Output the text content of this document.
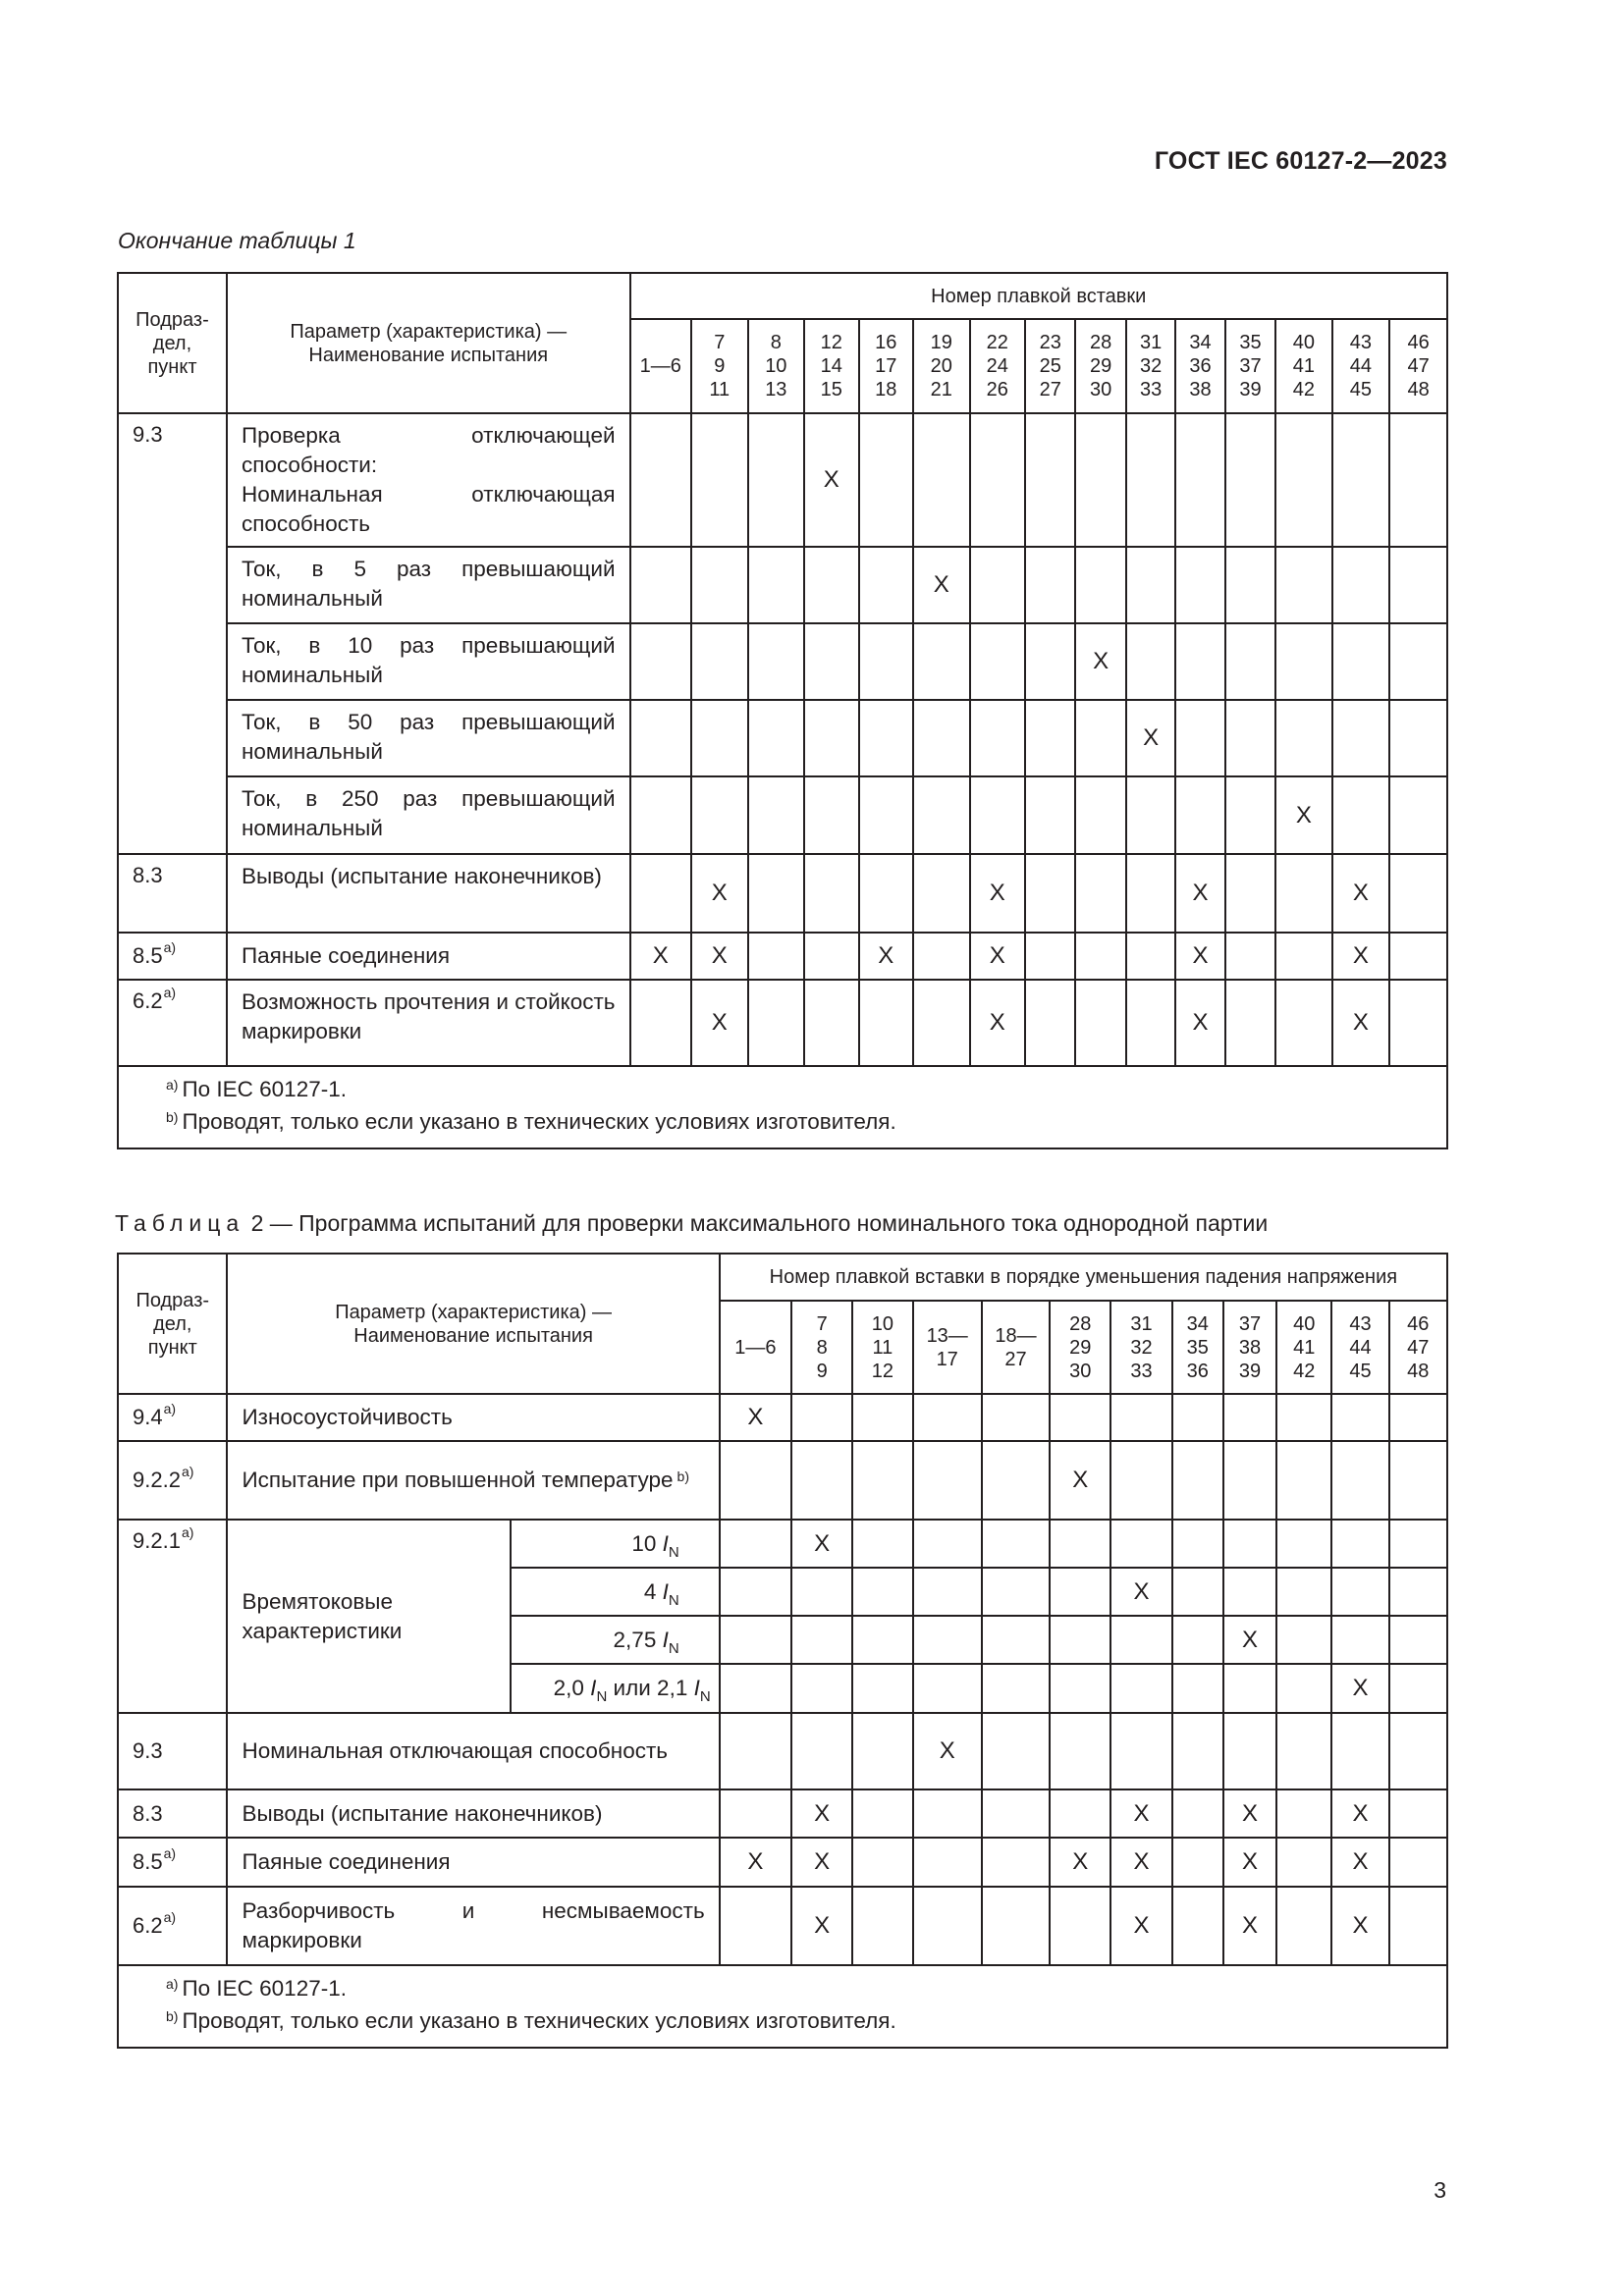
ГОСТ IEC 60127-2—2023
Окончание таблицы 1
Подраз-
дел,
пункт	Параметр (характеристика) —
Наименование испытания	Номер плавкой вставки														
		1—6	7
9
11	8
10
13	12
14
15	16
17
18	19
20
21	22
24
26	23
25
27	28
29
30	31
32
33	34
36
38	35
37
39	40
41
42	43
44
45	46
47
48
9.3	Проверка отключающей способности:
Номинальная отключающая способность				X											
	Ток, в 5 раз превышающий номинальный						X									
	Ток, в 10 раз превышающий номинальный									X						
	Ток, в 50 раз превышающий номинальный										X					
	Ток, в 250 раз превышающий номинальный													X		
8.3	Выводы (испытание наконечников)		X					X				X			X	
8.5$^{a)}$	Паяные соединения	X	X			X		X				X			X	
6.2$^{a)}$	Возможность прочтения и стойкость маркировки		X					X				X			X	

$^{a)}$ По IEC 60127-1.
$^{b)}$ Проводят, только если указано в технических условиях изготовителя.																
Таблица 2 — Программа испытаний для проверки максимального номинального тока однородной партии
Подраз-
дел,
пункт	Параметр (характеристика) —
Наименование испытания		Номер плавкой вставки в порядке уменьшения падения напряжения											
			1—6	7
8
9	10
11
12	13—
17	18—
27	28
29
30	31
32
33	34
35
36	37
38
39	40
41
42	43
44
45	46
47
48
9.4$^{a)}$	Износоустойчивость		X											
9.2.2$^{a)}$	Испытание при повышенной температуре $^{b)}$							X						
9.2.1$^{a)}$	Времятоковые характеристики	10 $I_N$		X										
		4 $I_N$							X					
		2,75 $I_N$									X			
		2,0 $I_N$ или 2,1 $I_N$											X	
9.3	Номинальная отключающая способность					X								
8.3	Выводы (испытание наконечников)			X					X		X		X	
8.5$^{a)}$	Паяные соединения		X	X				X	X		X		X	
6.2$^{a)}$	Разборчивость и несмываемость маркировки			X					X		X		X	

$^{a)}$ По IEC 60127-1.
$^{b)}$ Проводят, только если указано в технических условиях изготовителя.														
3
